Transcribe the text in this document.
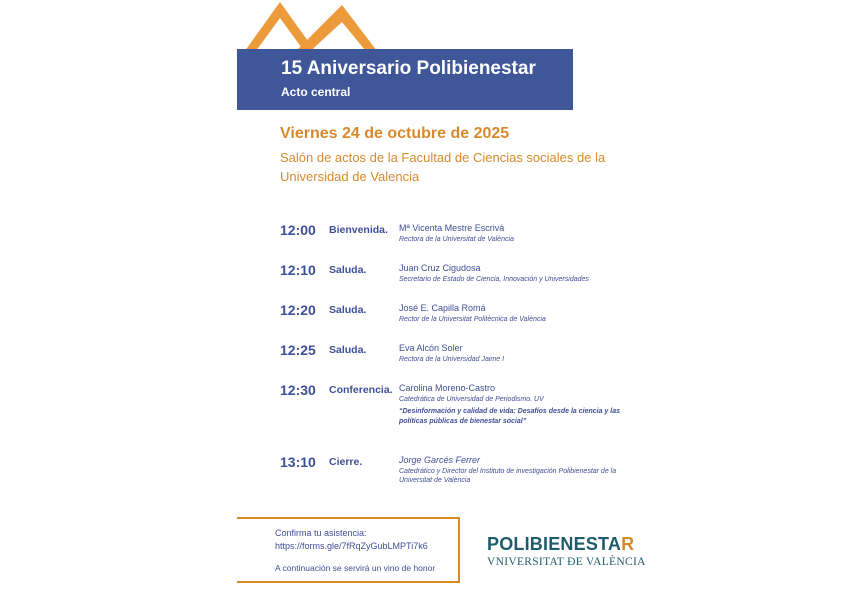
15 Aniversario Polibienestar
Acto central
Viernes 24 de octubre de 2025
Salón de actos de la Facultad de Ciencias sociales de la Universidad de Valencia
12:00 Bienvenida. Mª Vicenta Mestre Escrivá
Rectora de la Universitat de València
12:10 Saluda.	Juan Cruz Cigudosa
Secretario de Estado de Ciencia, Innovación y Universidades
12:20 Saluda.	José E. Capilla Romá
Rector de la Universitat Politècnica de València
12:25 Saluda.	Eva Alcón Soler
Rectora de la Universidad Jaime I
12:30 Conferencia. Carolina Moreno-Castro
Catedrática de Universidad de Periodismo. UV
“Desinformación y calidad de vida: Desafíos desde la ciencia y las políticas públicas de bienestar social”
13:10 Cierre.	Jorge Garcés Ferrer
Catedrático y Director del Instituto de investigación Polibienestar de la Universitat de València
Confirma tu asistencia:
https://forms.gle/7fRqZyGubLMPTi7k6
A continuación se servirá un vino de honor
POLIBIENESTAR
VNIVERSITAT ĐE VALÈNCIA
